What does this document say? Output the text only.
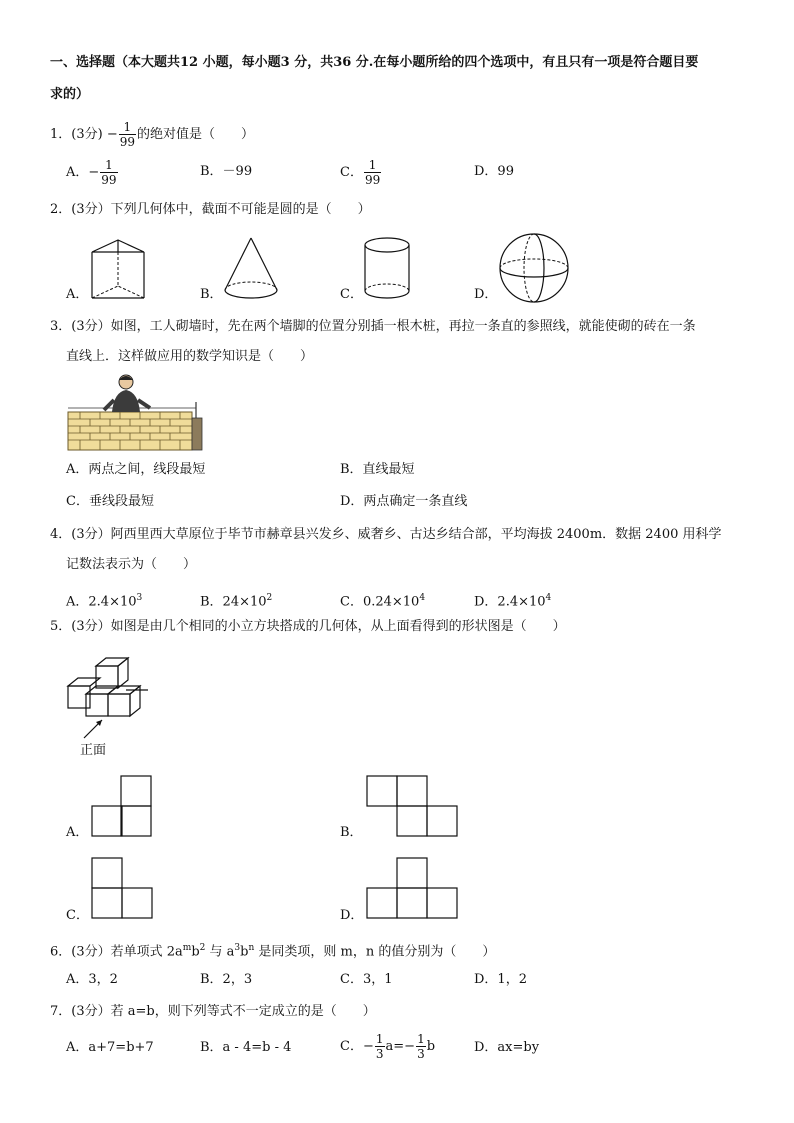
一、选择题（本大题共12 小题，每小题3 分，共36 分.在每小题所给的四个选项中，有且只有一项是符合题目要
求的）
1．(3分) − $\frac{1}{99}$ 的绝对值是（　　）
A．− $\frac{1}{99}$	B．－99	C． $\frac{1}{99}$	D．99
2．(3分）下列几何体中，截面不可能是圆的是（　　）
A．	B．	C．	D．
3．(3分）如图，工人砌墙时，先在两个墙脚的位置分别插一根木桩，再拉一条直的参照线，就能使砌的砖在一条
直线上．这样做应用的数学知识是（　　）
A．两点之间，线段最短	B．直线最短
C．垂线段最短	D．两点确定一条直线
4．(3分）阿西里西大草原位于毕节市赫章县兴发乡、威奢乡、古达乡结合部，平均海拔 2400m．数据 2400 用科学
记数法表示为（　　）
A．$2.4\times 10^3$	B．$24\times 10^2$	C．$0.24\times 10^4$	D．$2.4\times 10^4$
5．(3分）如图是由几个相同的小立方块搭成的几何体，从上面看得到的形状图是（　　）
正面
A．	B．
C．	D．
6．(3分）若单项式 $2a^mb^2$ 与 $a^3b^n$ 是同类项，则 m，n 的值分别为（　　）
A．3，2	B．2，3	C．3，1	D．1，2
7．(3分）若 a=b，则下列等式不一定成立的是（　　）
A．a+7=b+7	B．a - 4=b - 4	C．− $\frac{1}{3} a=- \frac{1}{3}$ b	D．ax=by
